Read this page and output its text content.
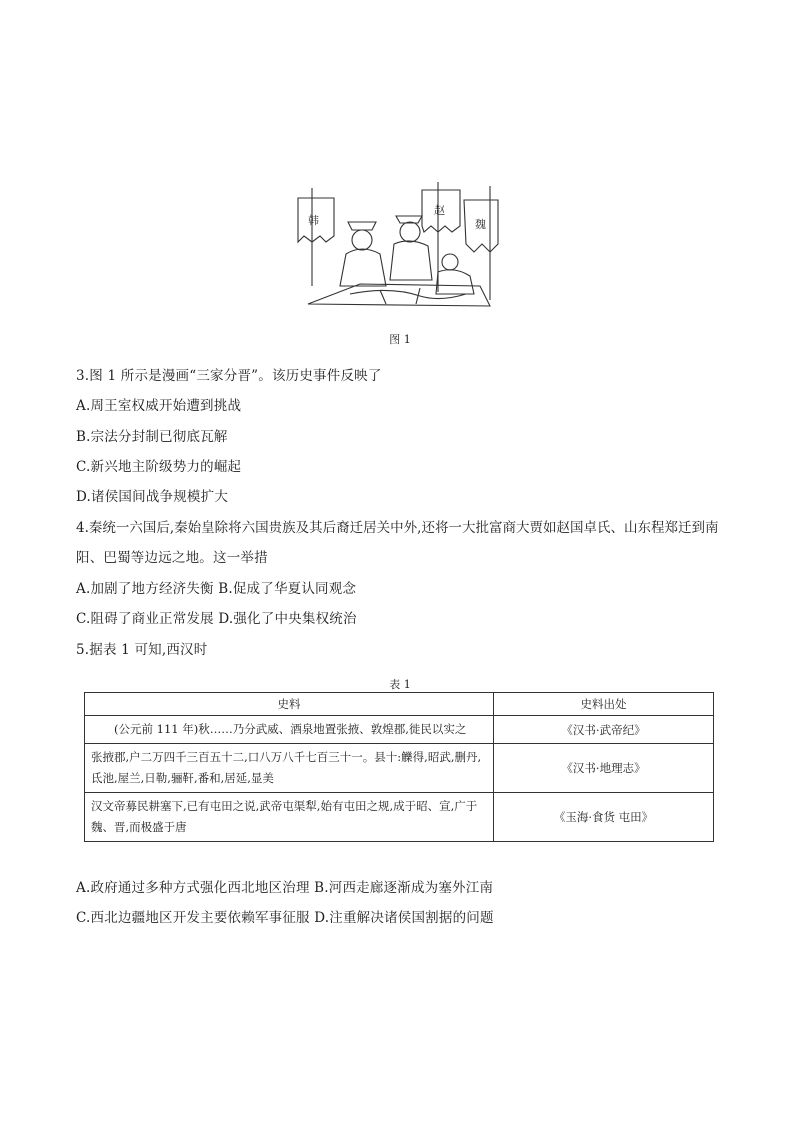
韩
赵
魏
图 1
3.图 1 所示是漫画“三家分晋”。该历史事件反映了
A.周王室权威开始遭到挑战
B.宗法分封制已彻底瓦解
C.新兴地主阶级势力的崛起
D.诸侯国间战争规模扩大
4.秦统一六国后,秦始皇除将六国贵族及其后裔迁居关中外,还将一大批富商大贾如赵国卓氏、山东程郑迁到南
阳、巴蜀等边远之地。这一举措
A.加剧了地方经济失衡 B.促成了华夏认同观念
C.阻碍了商业正常发展 D.强化了中央集权统治
5.据表 1 可知,西汉时
表 1
史料	史料出处
(公元前 111 年)秋……乃分武威、酒泉地置张掖、敦煌郡,徙民以实之	《汉书·武帝纪》

张掖郡,户二万四千三百五十二,口八万八千七百三十一。县十:觻得,昭武,删丹,
氐池,屋兰,日勒,骊靬,番和,居延,显美	《汉书·地理志》

汉文帝募民耕塞下,已有屯田之说,武帝屯渠犁,始有屯田之规,成于昭、宣,广于
魏、晋,而极盛于唐	《玉海·食货 屯田》
A.政府通过多种方式强化西北地区治理 B.河西走廊逐渐成为塞外江南
C.西北边疆地区开发主要依赖军事征服 D.注重解决诸侯国割据的问题
